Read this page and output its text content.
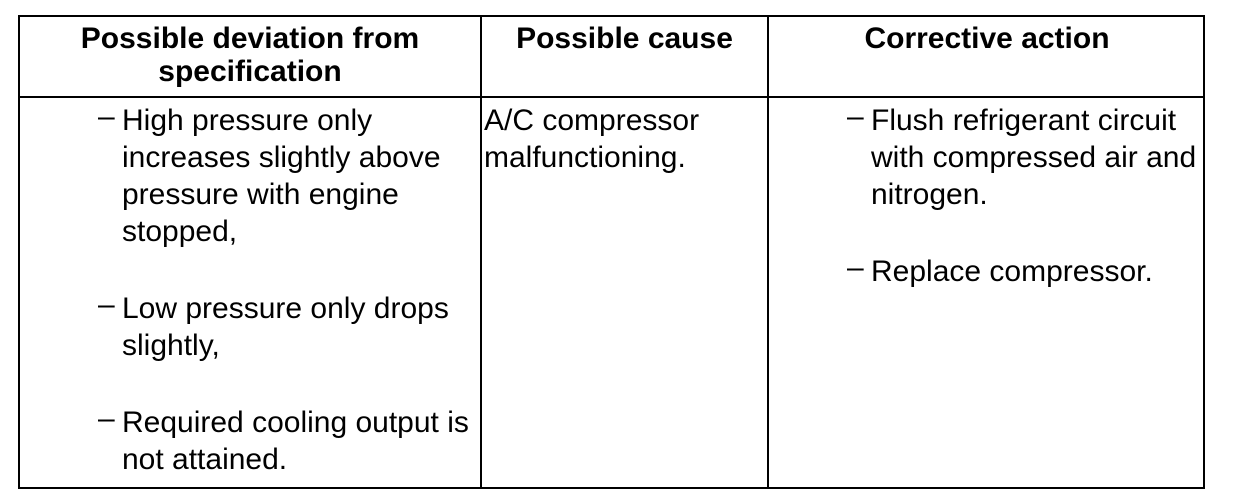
Possible deviation from specification
Possible cause	Corrective action
– High pressure only increases slightly above pressure with engine stopped,
– Low pressure only drops slightly,
– Required cooling output is not attained.
A/C compressor malfunctioning.
– Flush refrigerant circuit with compressed air and nitrogen.
– Replace compressor.
